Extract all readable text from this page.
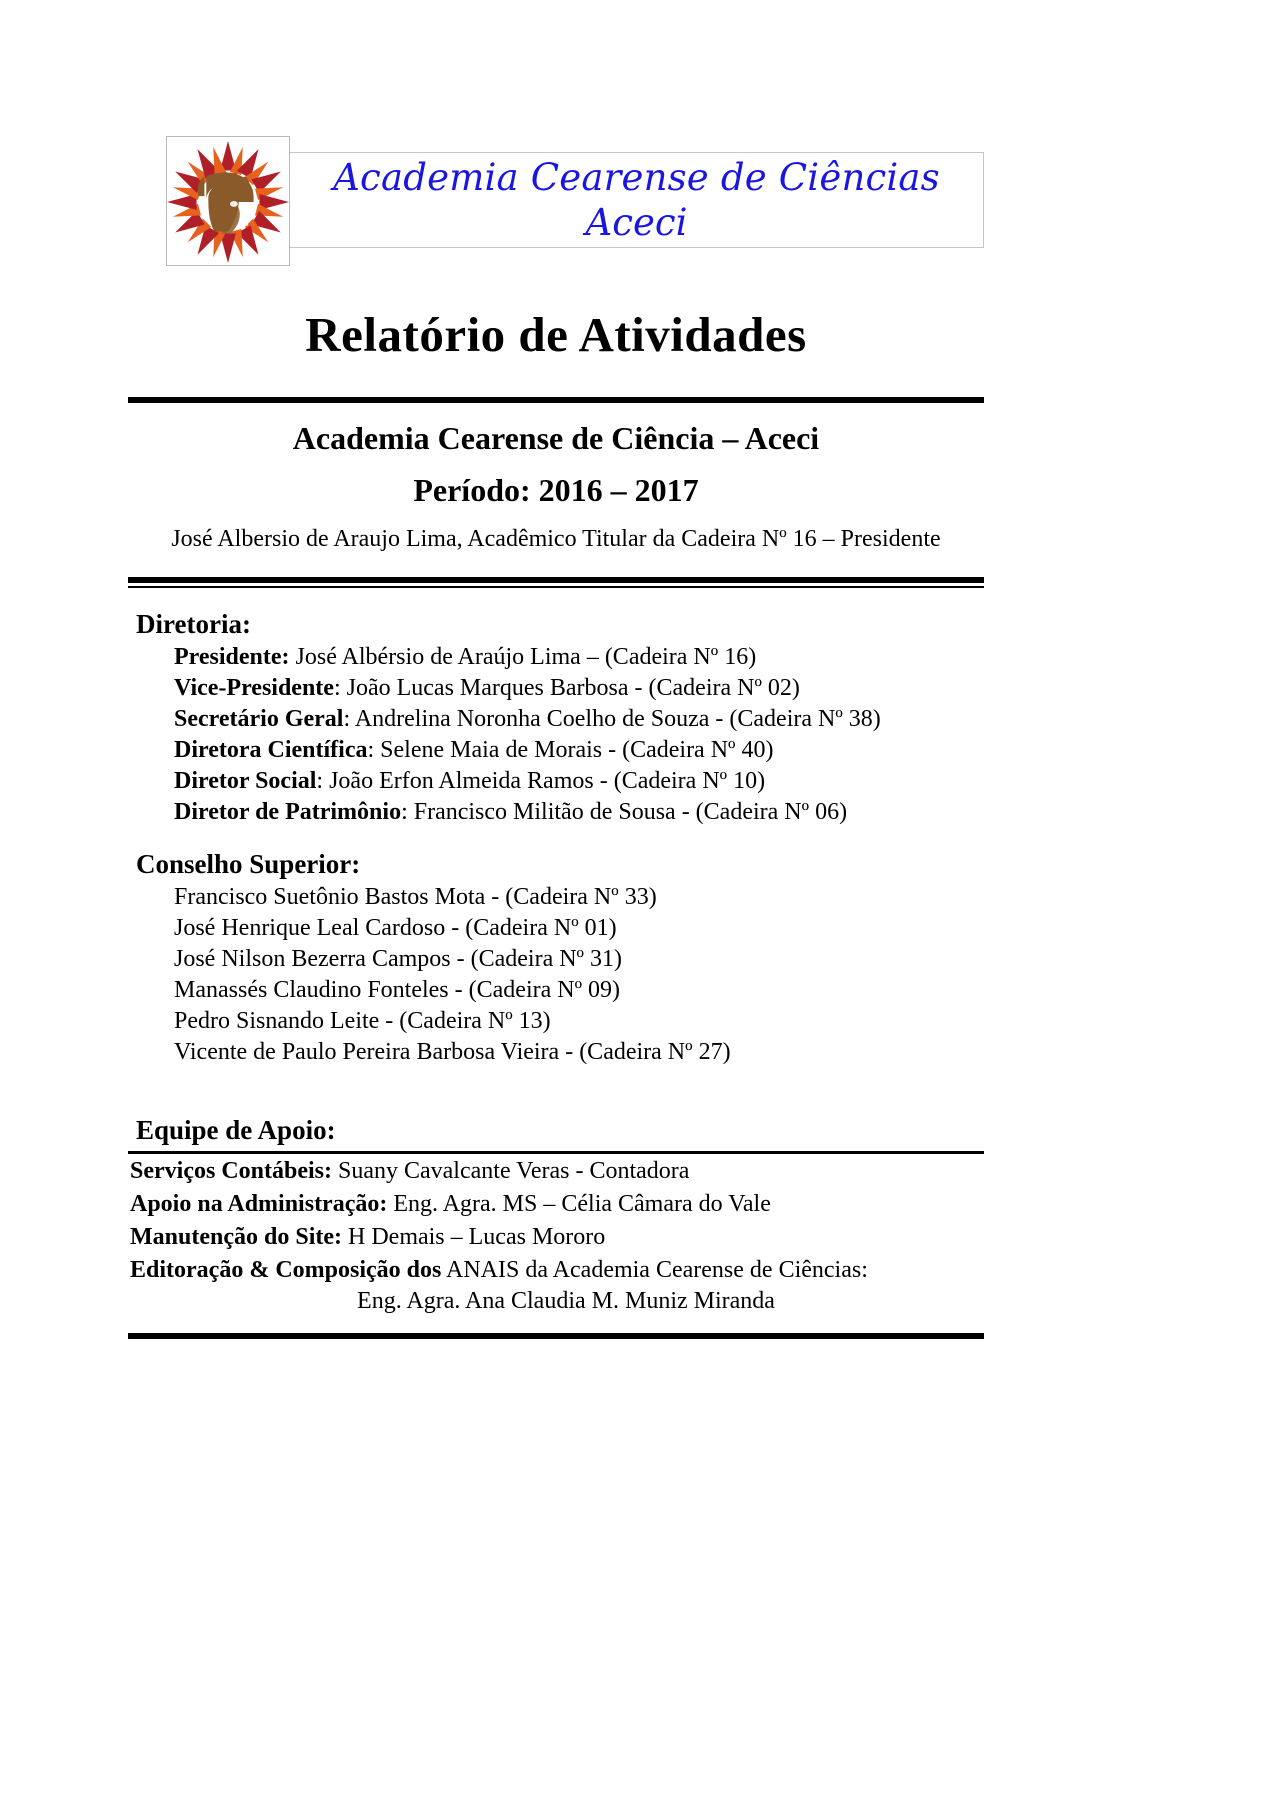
Academia Cearense de Ciências
Aceci
Relatório de Atividades
Academia Cearense de Ciência – Aceci
Período: 2016 – 2017
José Albersio de Araujo Lima, Acadêmico Titular da Cadeira Nº 16 – Presidente
Diretoria:
Presidente: José Albérsio de Araújo Lima – (Cadeira Nº 16)
Vice-Presidente: João Lucas Marques Barbosa - (Cadeira Nº 02)
Secretário Geral: Andrelina Noronha Coelho de Souza - (Cadeira Nº 38)
Diretora Científica: Selene Maia de Morais - (Cadeira Nº 40)
Diretor Social: João Erfon Almeida Ramos - (Cadeira Nº 10)
Diretor de Patrimônio: Francisco Militão de Sousa - (Cadeira Nº 06)
Conselho Superior:
Francisco Suetônio Bastos Mota - (Cadeira Nº 33)
José Henrique Leal Cardoso - (Cadeira Nº 01)
José Nilson Bezerra Campos - (Cadeira Nº 31)
Manassés Claudino Fonteles - (Cadeira Nº 09)
Pedro Sisnando Leite - (Cadeira Nº 13)
Vicente de Paulo Pereira Barbosa Vieira - (Cadeira Nº 27)
Equipe de Apoio:
Serviços Contábeis: Suany Cavalcante Veras - Contadora
Apoio na Administração: Eng. Agra. MS – Célia Câmara do Vale
Manutenção do Site: H Demais – Lucas Mororo
Editoração & Composição dos ANAIS da Academia Cearense de Ciências:
Eng. Agra. Ana Claudia M. Muniz Miranda
